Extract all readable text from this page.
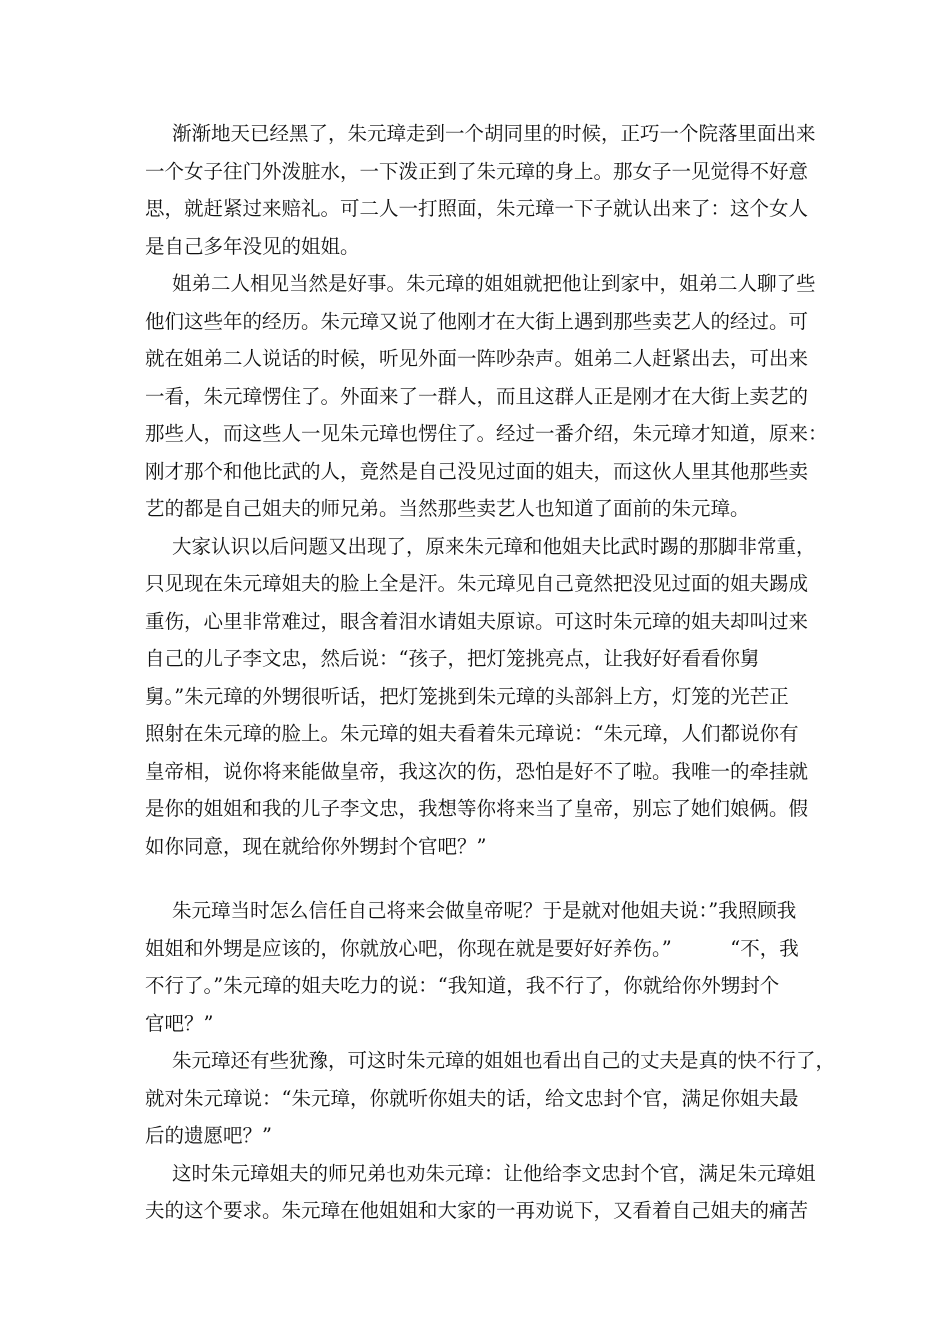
渐渐地天已经黑了，朱元璋走到一个胡同里的时候，正巧一个院落里面出来
一个女子往门外泼脏水，一下泼正到了朱元璋的身上。那女子一见觉得不好意
思，就赶紧过来赔礼。可二人一打照面，朱元璋一下子就认出来了：这个女人
是自己多年没见的姐姐。
姐弟二人相见当然是好事。朱元璋的姐姐就把他让到家中，姐弟二人聊了些
他们这些年的经历。朱元璋又说了他刚才在大街上遇到那些卖艺人的经过。可
就在姐弟二人说话的时候，听见外面一阵吵杂声。姐弟二人赶紧出去，可出来
一看，朱元璋愣住了。外面来了一群人，而且这群人正是刚才在大街上卖艺的
那些人，而这些人一见朱元璋也愣住了。经过一番介绍，朱元璋才知道，原来：
刚才那个和他比武的人，竟然是自己没见过面的姐夫，而这伙人里其他那些卖
艺的都是自己姐夫的师兄弟。当然那些卖艺人也知道了面前的朱元璋。
大家认识以后问题又出现了，原来朱元璋和他姐夫比武时踢的那脚非常重，
只见现在朱元璋姐夫的脸上全是汗。朱元璋见自己竟然把没见过面的姐夫踢成
重伤，心里非常难过，眼含着泪水请姐夫原谅。可这时朱元璋的姐夫却叫过来
自己的儿子李文忠，然后说：“孩子，把灯笼挑亮点，让我好好看看你舅
舅。”朱元璋的外甥很听话，把灯笼挑到朱元璋的头部斜上方，灯笼的光芒正
照射在朱元璋的脸上。朱元璋的姐夫看着朱元璋说：“朱元璋，人们都说你有
皇帝相，说你将来能做皇帝，我这次的伤，恐怕是好不了啦。我唯一的牵挂就
是你的姐姐和我的儿子李文忠，我想等你将来当了皇帝，别忘了她们娘俩。假
如你同意，现在就给你外甥封个官吧？”
朱元璋当时怎么信任自己将来会做皇帝呢？于是就对他姐夫说：”我照顾我
姐姐和外甥是应该的，你就放心吧，你现在就是要好好养伤。”　　　“不，我
不行了。”朱元璋的姐夫吃力的说：“我知道，我不行了，你就给你外甥封个
官吧？”
朱元璋还有些犹豫，可这时朱元璋的姐姐也看出自己的丈夫是真的快不行了，
就对朱元璋说：“朱元璋，你就听你姐夫的话，给文忠封个官，满足你姐夫最
后的遗愿吧？”
这时朱元璋姐夫的师兄弟也劝朱元璋：让他给李文忠封个官，满足朱元璋姐
夫的这个要求。朱元璋在他姐姐和大家的一再劝说下，又看着自己姐夫的痛苦
